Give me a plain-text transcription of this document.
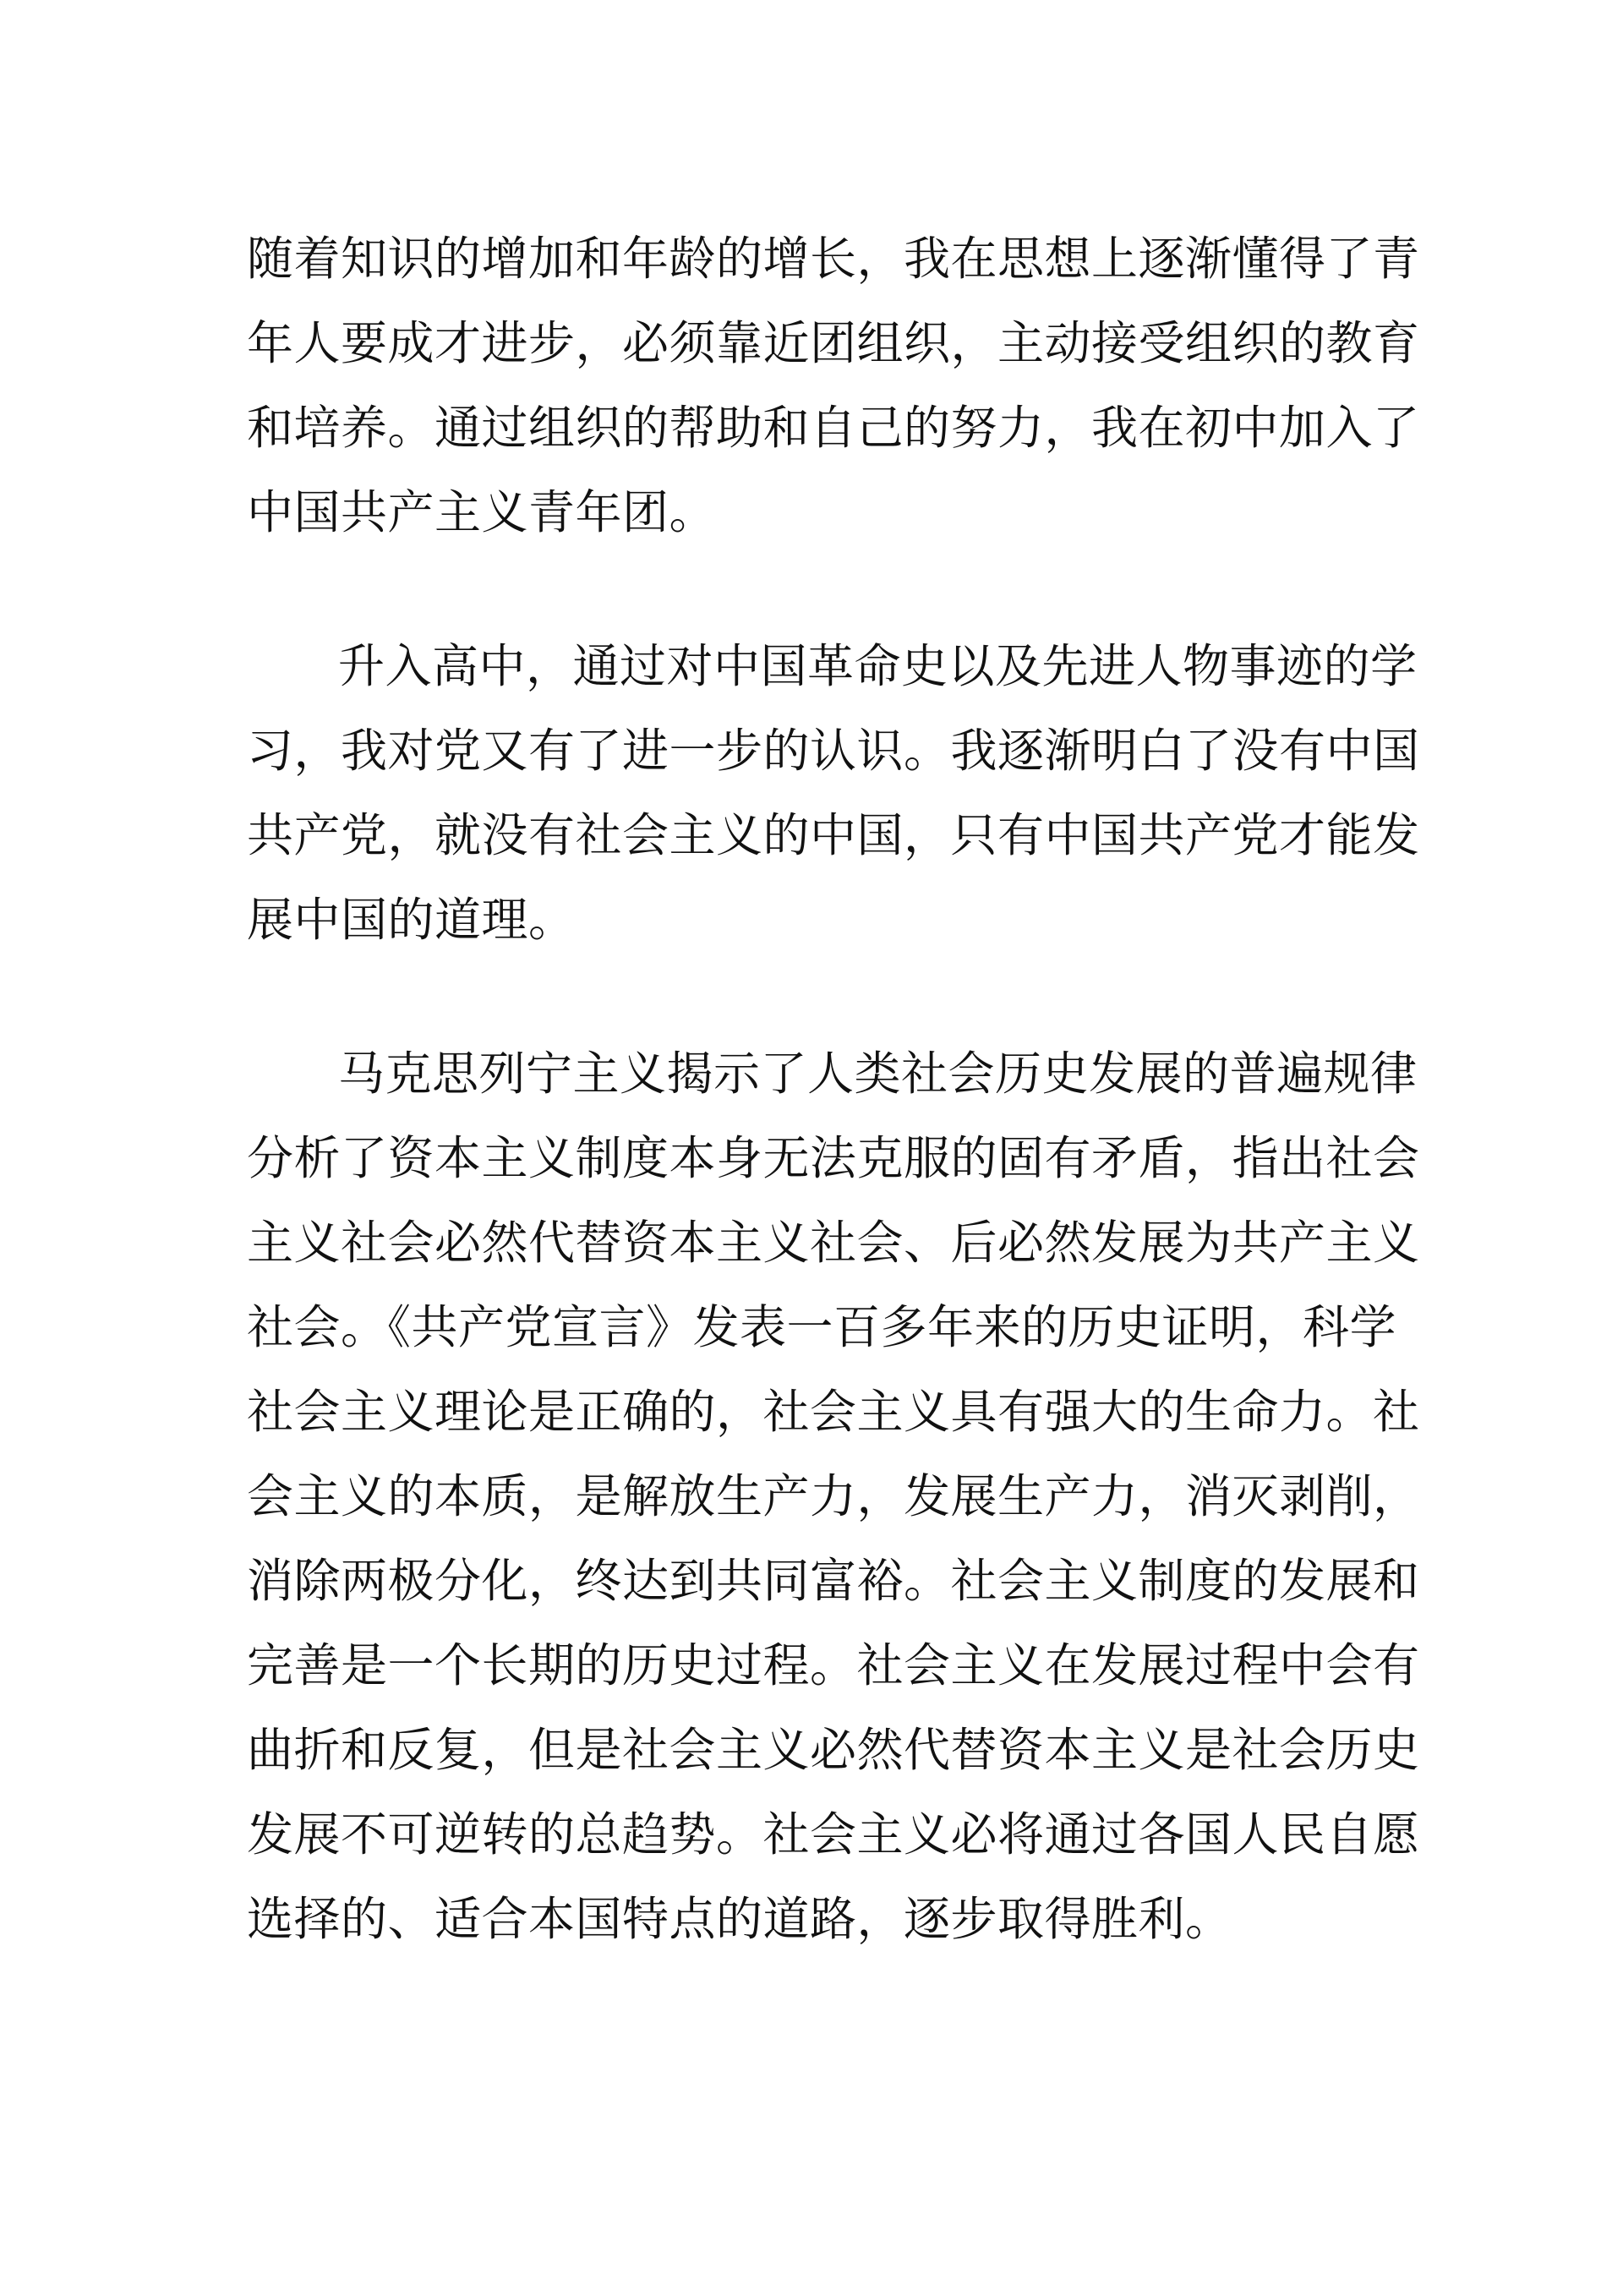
随着知识的增加和年龄的增长，我在思想上逐渐懂得了青
年人要成才进步，必须靠近团组织，主动接受组织的教育
和培养。通过组织的帮助和自己的努力，我在初中加入了
中国共产主义青年团。
升入高中，通过对中国革命史以及先进人物事迹的学
习，我对党又有了进一步的认识。我逐渐明白了没有中国
共产党，就没有社会主义的中国，只有中国共产党才能发
展中国的道理。
马克思列宁主义揭示了人类社会历史发展的普遍规律
分析了资本主义制度本身无法克服的固有矛盾，指出社会
主义社会必然代替资本主义社会、后必然发展为共产主义
社会。《共产党宣言》发表一百多年来的历史证明，科学
社会主义理论是正确的，社会主义具有强大的生命力。社
会主义的本质，是解放生产力，发展生产力，消灭剥削，
消除两极分化，终达到共同富裕。社会主义制度的发展和
完善是一个长期的历史过程。社会主义在发展过程中会有
曲折和反复，但是社会主义必然代替资本主义是社会历史
发展不可逆转的总趋势。社会主义必将通过各国人民自愿
选择的、适合本国特点的道路，逐步取得胜利。
